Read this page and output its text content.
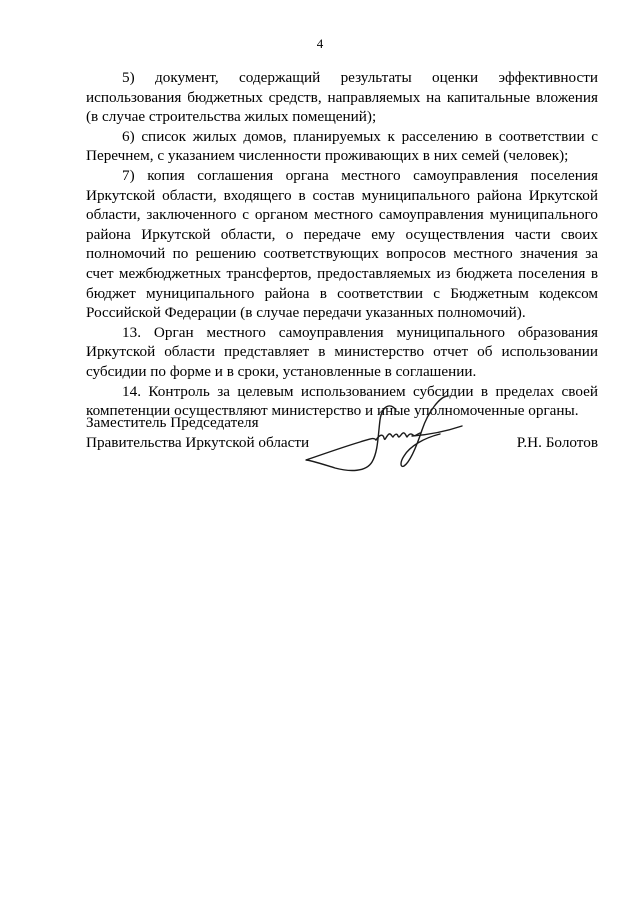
4

5) документ, содержащий результаты оценки эффективности использования бюджетных средств, направляемых на капитальные вложения (в случае строительства жилых помещений);

6) список жилых домов, планируемых к расселению в соответствии с Перечнем, с указанием численности проживающих в них семей (человек);

7) копия соглашения органа местного самоуправления поселения Иркутской области, входящего в состав муниципального района Иркутской области, заключенного с органом местного самоуправления муниципального района Иркутской области, о передаче ему осуществления части своих полномочий по решению соответствующих вопросов местного значения за счет межбюджетных трансфертов, предоставляемых из бюджета поселения в бюджет муниципального района в соответствии с Бюджетным кодексом Российской Федерации (в случае передачи указанных полномочий).

13. Орган местного самоуправления муниципального образования Иркутской области представляет в министерство отчет об использовании субсидии по форме и в сроки, установленные в соглашении.

14. Контроль за целевым использованием субсидии в пределах своей компетенции осуществляют министерство и иные уполномоченные органы.

Заместитель Председателя
Правительства Иркутской области	Р.Н. Болотов
